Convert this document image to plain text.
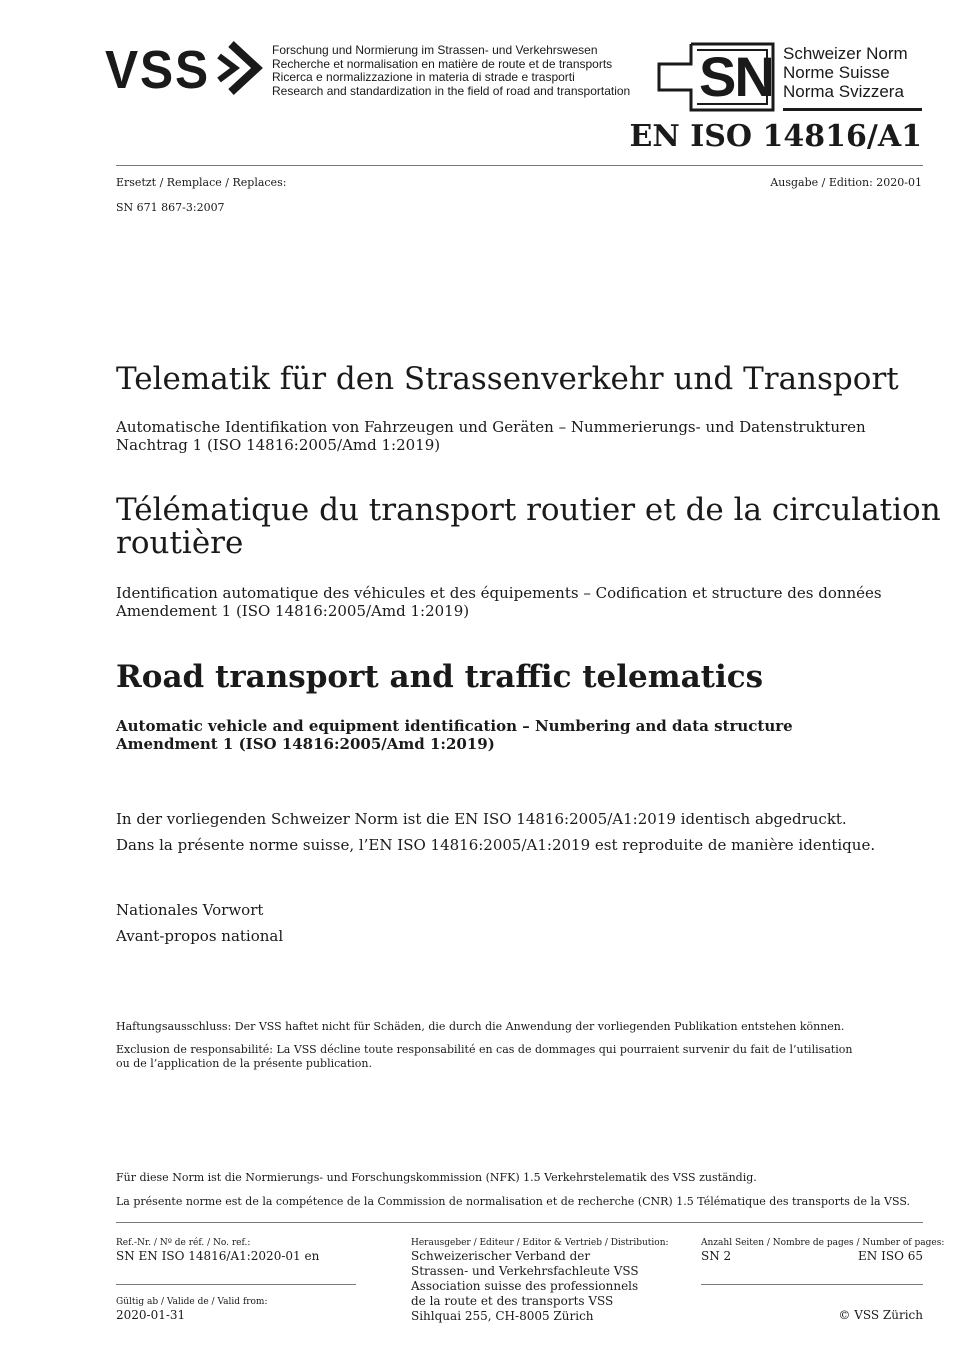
VSS	Forschung und Normierung im Strassen- und Verkehrswesen
Recherche et normalisation en matière de route et de transports
Ricerca e normalizzazione in materia di strade e trasporti
Research and standardization in the field of road and transportation SN Schweizer Norm
Norme Suisse
Norma Svizzera
EN ISO 14816/A1
Ersetzt / Remplace / Replaces:
SN 671 867-3:2007
Ausgabe / Edition: 2020-01
Telematik für den Strassenverkehr und Transport
Automatische Identifikation von Fahrzeugen und Geräten – Nummerierungs- und Datenstrukturen
Nachtrag 1 (ISO 14816:2005/Amd 1:2019)
Télématique du transport routier et de la circulation
routière
Identification automatique des véhicules et des équipements – Codification et structure des données
Amendement 1 (ISO 14816:2005/Amd 1:2019)
Road transport and traffic telematics
Automatic vehicle and equipment identification – Numbering and data structure
Amendment 1 (ISO 14816:2005/Amd 1:2019)
In der vorliegenden Schweizer Norm ist die EN ISO 14816:2005/A1:2019 identisch abgedruckt.
Dans la présente norme suisse, l’EN ISO 14816:2005/A1:2019 est reproduite de manière identique.
Nationales Vorwort
Avant-propos national
Haftungsausschluss: Der VSS haftet nicht für Schäden, die durch die Anwendung der vorliegenden Publikation entstehen können.
Exclusion de responsabilité: La VSS décline toute responsabilité en cas de dommages qui pourraient survenir du fait de l’utilisation
ou de l’application de la présente publication.
Für diese Norm ist die Normierungs- und Forschungskommission (NFK) 1.5 Verkehrstelematik des VSS zuständig.
La présente norme est de la compétence de la Commission de normalisation et de recherche (CNR) 1.5 Télématique des transports de la VSS.
Ref.-Nr. / Nº de réf. / No. ref.:
SN EN ISO 14816/A1:2020-01 en
Gültig ab / Valide de / Valid from:
2020-01-31
Herausgeber / Editeur / Editor & Vertrieb / Distribution:
Schweizerischer Verband der
Strassen- und Verkehrsfachleute VSS
Association suisse des professionnels
de la route et des transports VSS
Sihlquai 255, CH-8005 Zürich
Anzahl Seiten / Nombre de pages / Number of pages:
SN 2	EN ISO 65
© VSS Zürich
